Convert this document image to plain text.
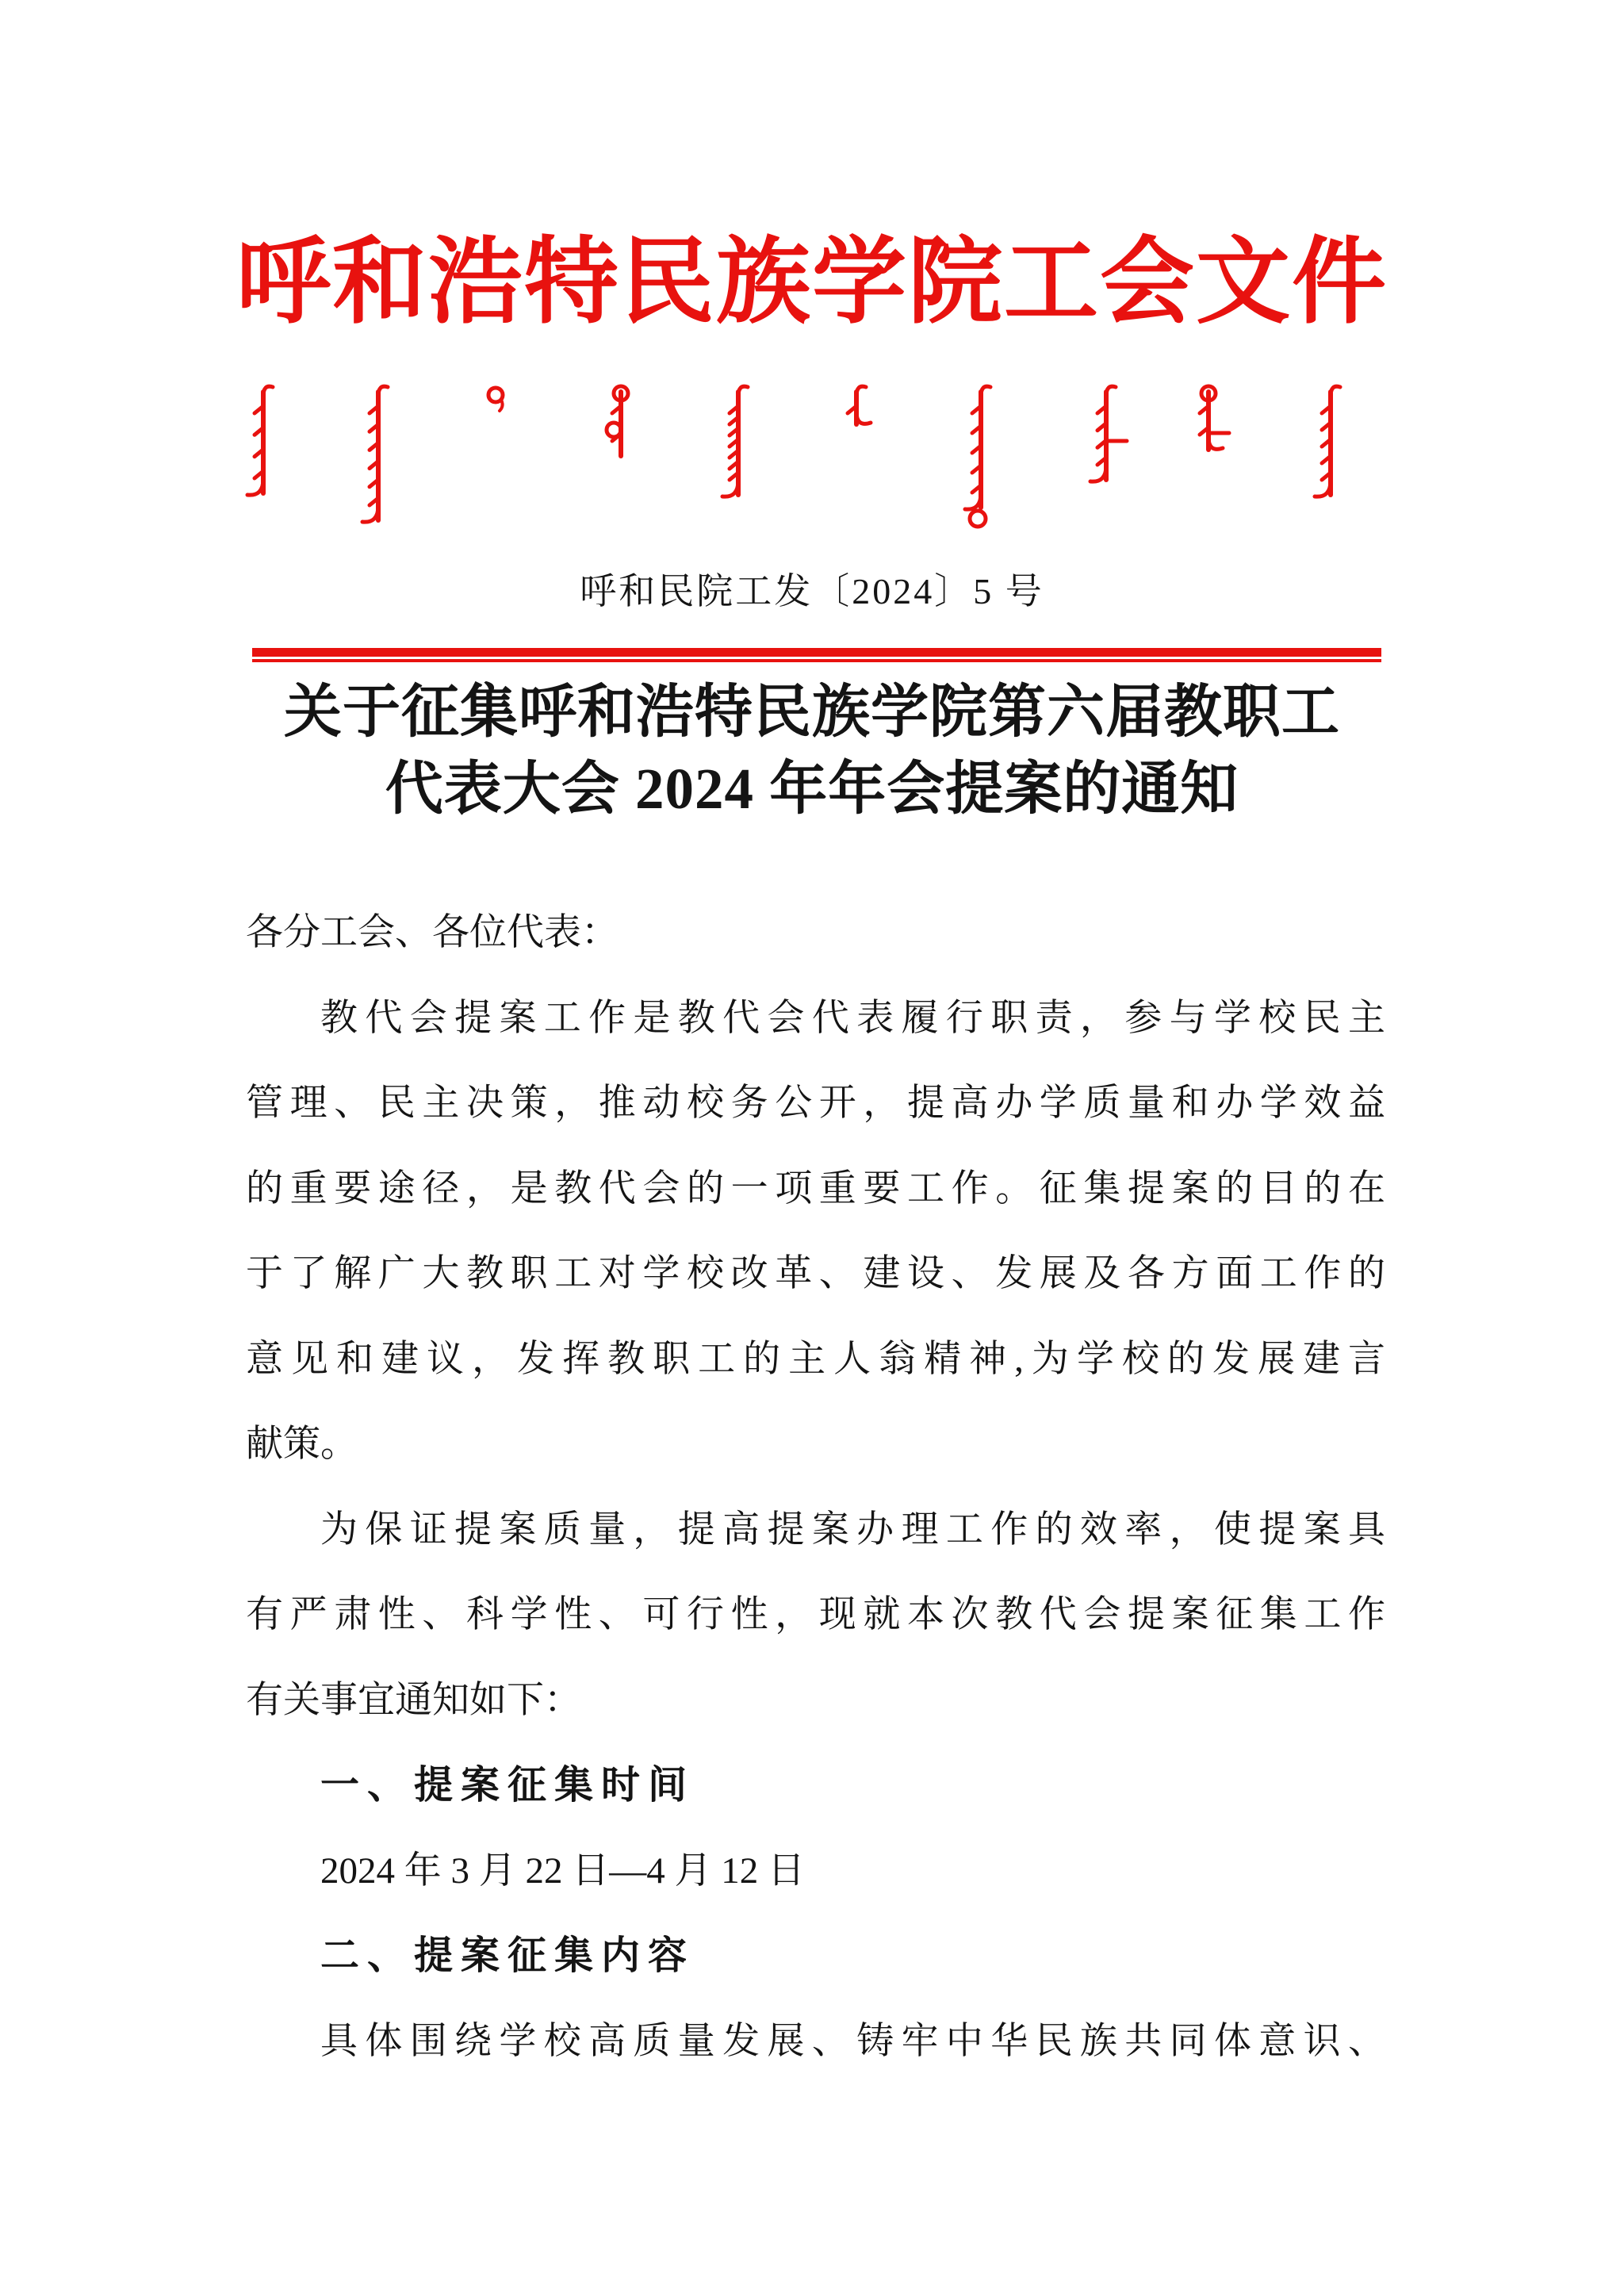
呼和浩特民族学院工会文件
呼和民院工发〔2024〕5 号
关于征集呼和浩特民族学院第六届教职工
代表大会 2024 年年会提案的通知
各分工会、各位代表：
教代会提案工作是教代会代表履行职责，参与学校民主
管理、民主决策，推动校务公开，提高办学质量和办学效益
的重要途径，是教代会的一项重要工作。征集提案的目的在
于了解广大教职工对学校改革、建设、发展及各方面工作的
意见和建议，发挥教职工的主人翁精神,为学校的发展建言
献策。
为保证提案质量，提高提案办理工作的效率，使提案具
有严肃性、科学性、可行性，现就本次教代会提案征集工作
有关事宜通知如下：
一、提案征集时间
2024 年 3 月 22 日—4 月 12 日
二、提案征集内容
具体围绕学校高质量发展、铸牢中华民族共同体意识、
